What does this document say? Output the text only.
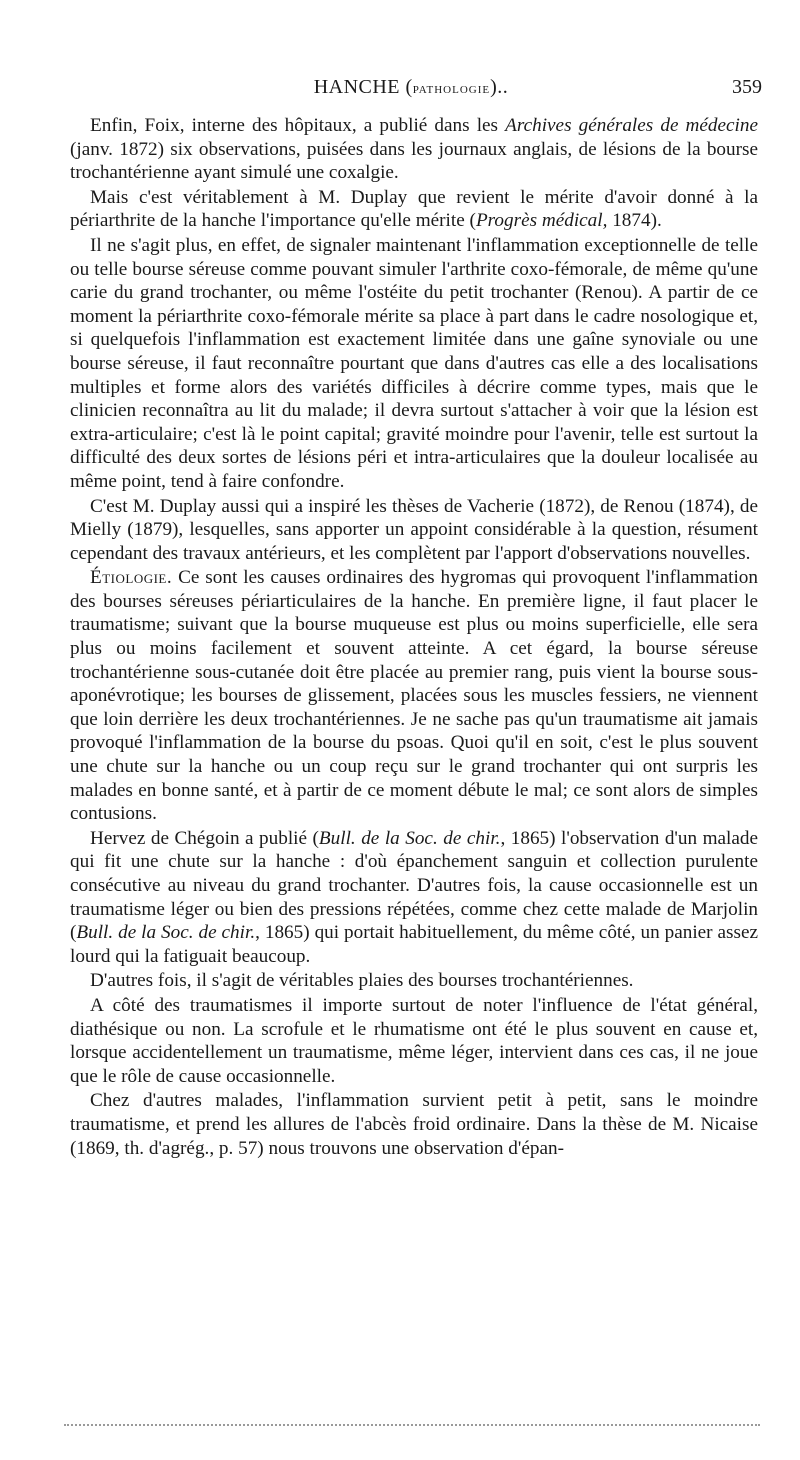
HANCHE (pathologie)..	359

Enfin, Foix, interne des hôpitaux, a publié dans les Archives générales de médecine (janv. 1872) six observations, puisées dans les journaux anglais, de lésions de la bourse trochantérienne ayant simulé une coxalgie.

Mais c'est véritablement à M. Duplay que revient le mérite d'avoir donné à la périarthrite de la hanche l'importance qu'elle mérite (Progrès médical, 1874).

Il ne s'agit plus, en effet, de signaler maintenant l'inflammation exceptionnelle de telle ou telle bourse séreuse comme pouvant simuler l'arthrite coxo-fémorale, de même qu'une carie du grand trochanter, ou même l'ostéite du petit trochanter (Renou). A partir de ce moment la périarthrite coxo-fémorale mérite sa place à part dans le cadre nosologique et, si quelquefois l'inflammation est exactement limitée dans une gaîne synoviale ou une bourse séreuse, il faut reconnaître pourtant que dans d'autres cas elle a des localisations multiples et forme alors des variétés difficiles à décrire comme types, mais que le clinicien reconnaîtra au lit du malade; il devra surtout s'attacher à voir que la lésion est extra-articulaire; c'est là le point capital; gravité moindre pour l'avenir, telle est surtout la difficulté des deux sortes de lésions péri et intra-articulaires que la douleur localisée au même point, tend à faire confondre.

C'est M. Duplay aussi qui a inspiré les thèses de Vacherie (1872), de Renou (1874), de Mielly (1879), lesquelles, sans apporter un appoint considérable à la question, résument cependant des travaux antérieurs, et les complètent par l'apport d'observations nouvelles.

Étiologie. Ce sont les causes ordinaires des hygromas qui provoquent l'inflammation des bourses séreuses périarticulaires de la hanche. En première ligne, il faut placer le traumatisme; suivant que la bourse muqueuse est plus ou moins superficielle, elle sera plus ou moins facilement et souvent atteinte. A cet égard, la bourse séreuse trochantérienne sous-cutanée doit être placée au premier rang, puis vient la bourse sous-aponévrotique; les bourses de glissement, placées sous les muscles fessiers, ne viennent que loin derrière les deux trochantériennes. Je ne sache pas qu'un traumatisme ait jamais provoqué l'inflammation de la bourse du psoas. Quoi qu'il en soit, c'est le plus souvent une chute sur la hanche ou un coup reçu sur le grand trochanter qui ont surpris les malades en bonne santé, et à partir de ce moment débute le mal; ce sont alors de simples contusions.

Hervez de Chégoin a publié (Bull. de la Soc. de chir., 1865) l'observation d'un malade qui fit une chute sur la hanche : d'où épanchement sanguin et collection purulente consécutive au niveau du grand trochanter. D'autres fois, la cause occasionnelle est un traumatisme léger ou bien des pressions répétées, comme chez cette malade de Marjolin (Bull. de la Soc. de chir., 1865) qui portait habituellement, du même côté, un panier assez lourd qui la fatiguait beaucoup.

D'autres fois, il s'agit de véritables plaies des bourses trochantériennes.

A côté des traumatismes il importe surtout de noter l'influence de l'état général, diathésique ou non. La scrofule et le rhumatisme ont été le plus souvent en cause et, lorsque accidentellement un traumatisme, même léger, intervient dans ces cas, il ne joue que le rôle de cause occasionnelle.

Chez d'autres malades, l'inflammation survient petit à petit, sans le moindre traumatisme, et prend les allures de l'abcès froid ordinaire. Dans la thèse de M. Nicaise (1869, th. d'agrég., p. 57) nous trouvons une observation d'épan-
